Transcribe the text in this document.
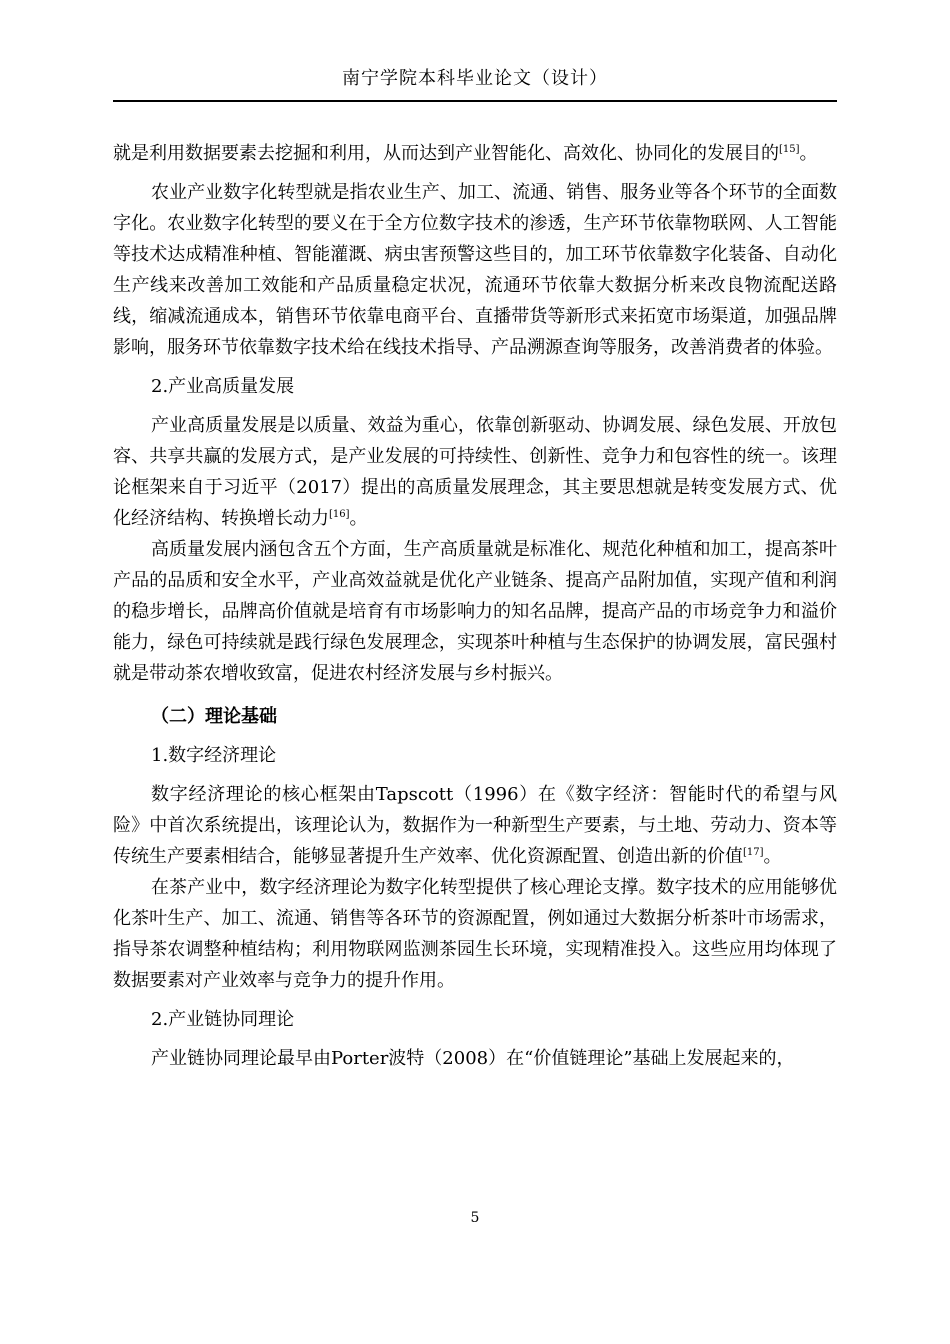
南宁学院本科毕业论文（设计）

就是利用数据要素去挖掘和利用，从而达到产业智能化、高效化、协同化的发展目的[15]。

农业产业数字化转型就是指农业生产、加工、流通、销售、服务业等各个环节的全面数字化。农业数字化转型的要义在于全方位数字技术的渗透，生产环节依靠物联网、人工智能等技术达成精准种植、智能灌溉、病虫害预警这些目的，加工环节依靠数字化装备、自动化生产线来改善加工效能和产品质量稳定状况，流通环节依靠大数据分析来改良物流配送路线，缩减流通成本，销售环节依靠电商平台、直播带货等新形式来拓宽市场渠道，加强品牌影响，服务环节依靠数字技术给在线技术指导、产品溯源查询等服务，改善消费者的体验。

2.产业高质量发展

产业高质量发展是以质量、效益为重心，依靠创新驱动、协调发展、绿色发展、开放包容、共享共赢的发展方式，是产业发展的可持续性、创新性、竞争力和包容性的统一。该理论框架来自于习近平（2017）提出的高质量发展理念，其主要思想就是转变发展方式、优化经济结构、转换增长动力[16]。

高质量发展内涵包含五个方面，生产高质量就是标准化、规范化种植和加工，提高茶叶产品的品质和安全水平，产业高效益就是优化产业链条、提高产品附加值，实现产值和利润的稳步增长，品牌高价值就是培育有市场影响力的知名品牌，提高产品的市场竞争力和溢价能力，绿色可持续就是践行绿色发展理念，实现茶叶种植与生态保护的协调发展，富民强村就是带动茶农增收致富，促进农村经济发展与乡村振兴。

（二）理论基础
1.数字经济理论

数字经济理论的核心框架由Tapscott（1996）在《数字经济：智能时代的希望与风险》中首次系统提出，该理论认为，数据作为一种新型生产要素，与土地、劳动力、资本等传统生产要素相结合，能够显著提升生产效率、优化资源配置、创造出新的价值[17]。

在茶产业中，数字经济理论为数字化转型提供了核心理论支撑。数字技术的应用能够优化茶叶生产、加工、流通、销售等各环节的资源配置，例如通过大数据分析茶叶市场需求，指导茶农调整种植结构；利用物联网监测茶园生长环境，实现精准投入。这些应用均体现了数据要素对产业效率与竞争力的提升作用。

2.产业链协同理论

产业链协同理论最早由Porter波特（2008）在“价值链理论”基础上发展起来的，

5
